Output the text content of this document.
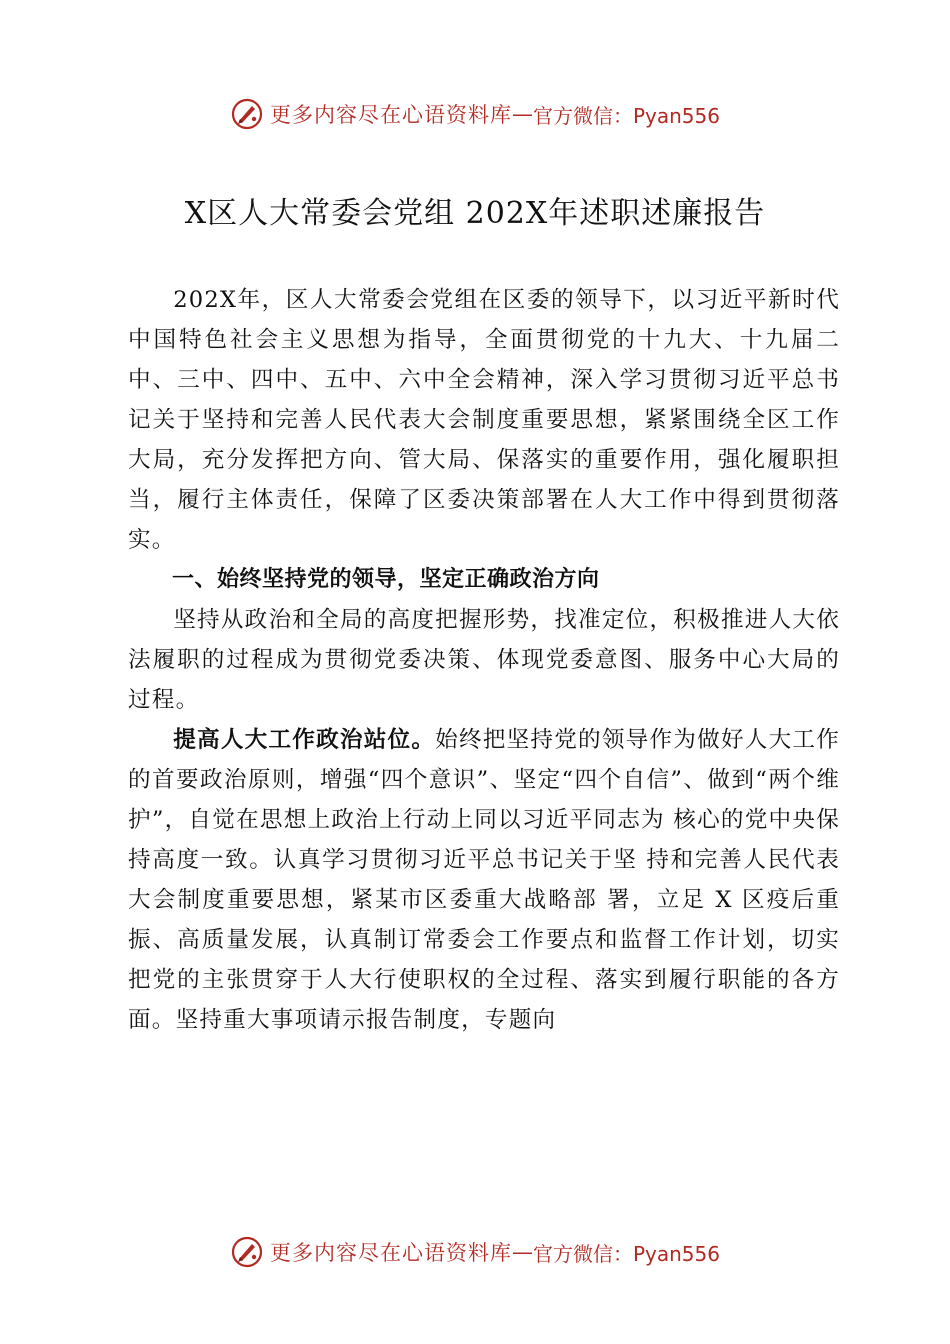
更多内容尽在心语资料库 — 官方微信：Pyan556
X区人大常委会党组 202X年述职述廉报告

202X年，区人大常委会党组在区委的领导下，以习近平新时代中国特色社会主义思想为指导，全面贯彻党的十九大、十九届二中、三中、四中、五中、六中全会精神，深入学习贯彻习近平总书记关于坚持和完善人民代表大会制度重要思想，紧紧围绕全区工作大局，充分发挥把方向、管大局、保落实的重要作用，强化履职担当，履行主体责任，保障了区委决策部署在人大工作中得到贯彻落实。

一、始终坚持党的领导，坚定正确政治方向

坚持从政治和全局的高度把握形势，找准定位，积极推进人大依法履职的过程成为贯彻党委决策、体现党委意图、服务中心大局的过程。

提高人大工作政治站位。始终把坚持党的领导作为做好人大工作的首要政治原则，增强“四个意识”、坚定“四个自信”、做到“两个维护”，自觉在思想上政治上行动上同以习近平同志为 核心的党中央保持高度一致。认真学习贯彻习近平总书记关于坚 持和完善人民代表大会制度重要思想，紧某市区委重大战略部 署，立足 X 区疫后重振、高质量发展，认真制订常委会工作要点和监督工作计划，切实把党的主张贯穿于人大行使职权的全过程、落实到履行职能的各方面。坚持重大事项请示报告制度，专题向

更多内容尽在心语资料库 — 官方微信：Pyan556
